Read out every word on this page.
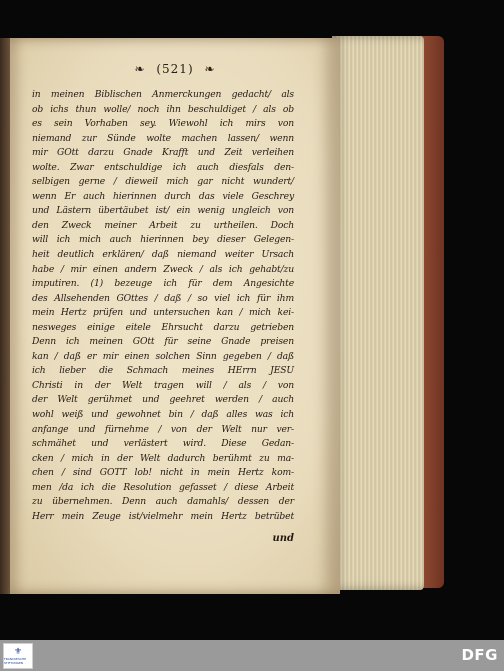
❧ (521) ❧
in meinen Biblischen Anmerckungen gedacht/ als
ob ichs thun wolle/ noch ihn beschuldiget / als ob
es sein Vorhaben sey. Wiewohl ich mirs von
niemand zur Sünde wolte machen lassen/ wenn
mir GOtt darzu Gnade Krafft und Zeit verleihen
wolte. Zwar entschuldige ich auch diesfals den-
selbigen gerne / dieweil mich gar nicht wundert/
wenn Er auch hierinnen durch das viele Geschrey
und Lästern übertäubet ist/ ein wenig ungleich von
den Zweck meiner Arbeit zu urtheilen. Doch
will ich mich auch hierinnen bey dieser Gelegen-
heit deutlich erklären/ daß niemand weiter Ursach
habe / mir einen andern Zweck / als ich gehabt/zu
imputiren. (1) bezeuge ich für dem Angesichte
des Allsehenden GOttes / daß / so viel ich für ihm
mein Hertz prüfen und untersuchen kan / mich kei-
nesweges einige eitele Ehrsucht darzu getrieben
Denn ich meinen GOtt für seine Gnade preisen
kan / daß er mir einen solchen Sinn gegeben / daß
ich lieber die Schmach meines HErrn JESU
Christi in der Welt tragen will / als / von
der Welt gerühmet und geehret werden / auch
wohl weiß und gewohnet bin / daß alles was ich
anfange und fürnehme / von der Welt nur ver-
schmähet und verlästert wird. Diese Gedan-
cken / mich in der Welt dadurch berühmt zu ma-
chen / sind GOTT lob! nicht in mein Hertz kom-
men /da ich die Resolution gefasset / diese Arbeit
zu übernehmen. Denn auch damahls/ dessen der
Herr mein Zeuge ist/vielmehr mein Hertz betrübet
und
⚜
FRANCKESCHE STIFTUNGEN	DFG
